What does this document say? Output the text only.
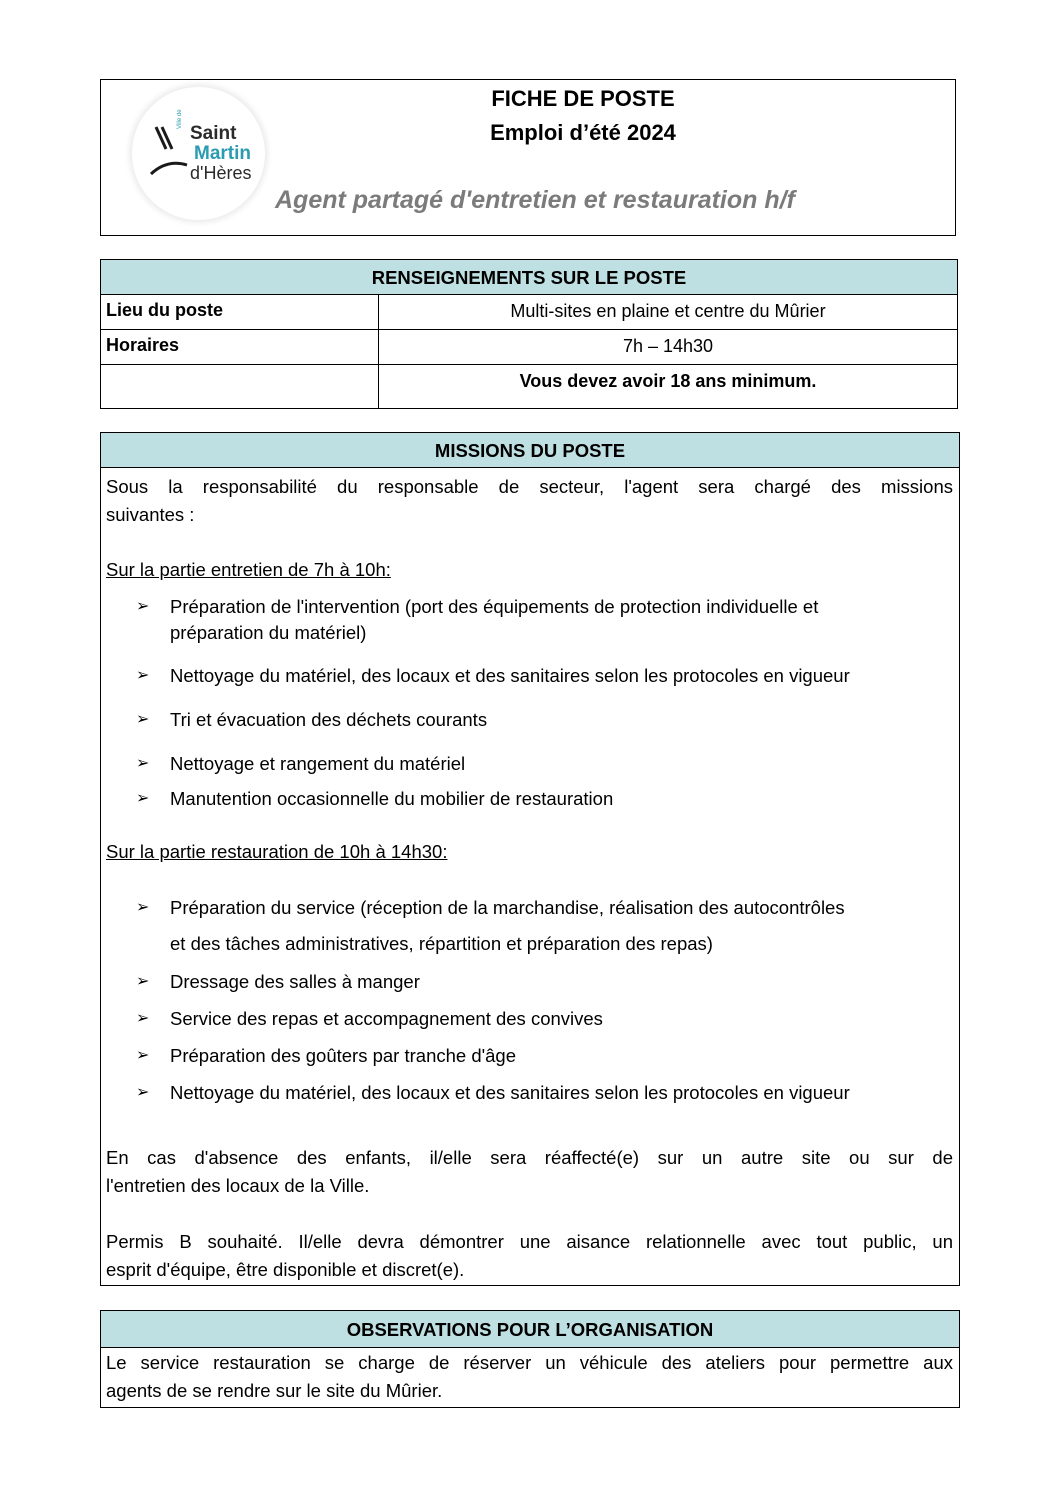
Ville de
Saint
Martin
d'Hères
FICHE DE POSTE
Emploi d’été 2024
Agent partagé d'entretien et restauration h/f
RENSEIGNEMENTS SUR LE POSTE
Lieu du poste	Multi-sites en plaine et centre du Mûrier
Horaires	7h – 14h30
Vous devez avoir 18 ans minimum.
MISSIONS DU POSTE
Sous la responsabilité du responsable de secteur, l'agent sera chargé des missions
suivantes :
Sur la partie entretien de 7h à 10h:
➢ Préparation de l'intervention (port des équipements de protection individuelle et
préparation du matériel)
➢ Nettoyage du matériel, des locaux et des sanitaires selon les protocoles en vigueur
➢ Tri et évacuation des déchets courants
➢ Nettoyage et rangement du matériel
➢ Manutention occasionnelle du mobilier de restauration
Sur la partie restauration de 10h à 14h30:
➢ Préparation du service (réception de la marchandise, réalisation des autocontrôles
et des tâches administratives, répartition et préparation des repas)
➢ Dressage des salles à manger
➢ Service des repas et accompagnement des convives
➢ Préparation des goûters par tranche d'âge
➢ Nettoyage du matériel, des locaux et des sanitaires selon les protocoles en vigueur
En cas d'absence des enfants, il/elle sera réaffecté(e) sur un autre site ou sur de
l'entretien des locaux de la Ville.
Permis B souhaité. Il/elle devra démontrer une aisance relationnelle avec tout public, un
esprit d'équipe, être disponible et discret(e).
OBSERVATIONS POUR L’ORGANISATION
Le service restauration se charge de réserver un véhicule des ateliers pour permettre aux
agents de se rendre sur le site du Mûrier.
